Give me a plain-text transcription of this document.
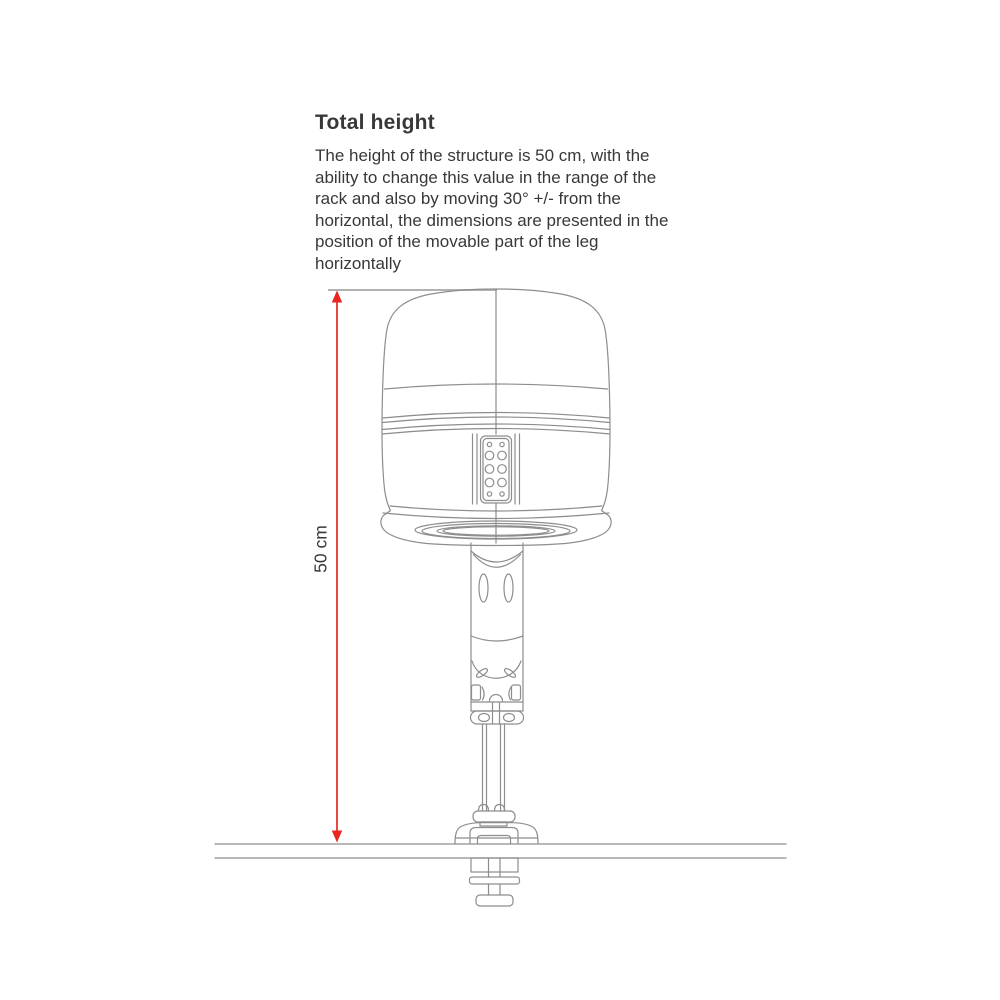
Total height
The height of the structure is 50 cm, with the
ability to change this value in the range of the
rack and also by moving 30° +/- from the
horizontal, the dimensions are presented in the
position of the movable part of the leg
horizontally
50 cm
